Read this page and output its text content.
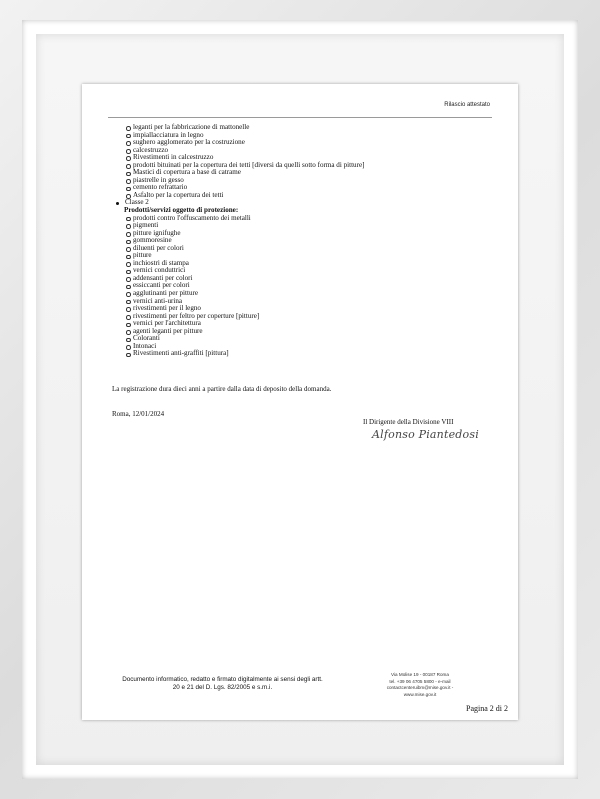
Rilascio attestato
leganti per la fabbricazione di mattonelle
impiallacciatura in legno
sughero agglomerato per la costruzione
calcestruzzo
Rivestimenti in calcestruzzo
prodotti bituinati per la copertura dei tetti [diversi da quelli sotto forma di pitture]
Mastici di copertura a base di catrame
piastrelle in gesso
cemento refrattario
Asfalto per la copertura dei tetti
Classe 2
Prodotti/servizi oggetto di protezione:
prodotti contro l'offuscamento dei metalli
pigmenti
pitture ignifughe
gommoresine
diluenti per colori
pitture
inchiostri di stampa
vernici conduttrici
addensanti per colori
essiccanti per colori
agglutinanti per pitture
vernici anti-urina
rivestimenti per il legno
rivestimenti per feltro per coperture [pitture]
vernici per l'architettura
agenti leganti per pitture
Coloranti
Intonaci
Rivestimenti anti-graffiti [pittura]
La registrazione dura dieci anni a partire dalla data di deposito della domanda.
Roma, 12/01/2024
Il Dirigente della Divisione VIII
Alfonso Piantedosi
Documento informatico, redatto e firmato digitalmente ai sensi degli artt.
20 e 21 del D. Lgs. 82/2005 e s.m.i.
Via Molise 19 - 00187 Roma
tel. +39 06 4705 5800 - e-mail
contactcenteruibm@mise.gov.it -
www.mise.gov.it
Pagina 2 di 2
